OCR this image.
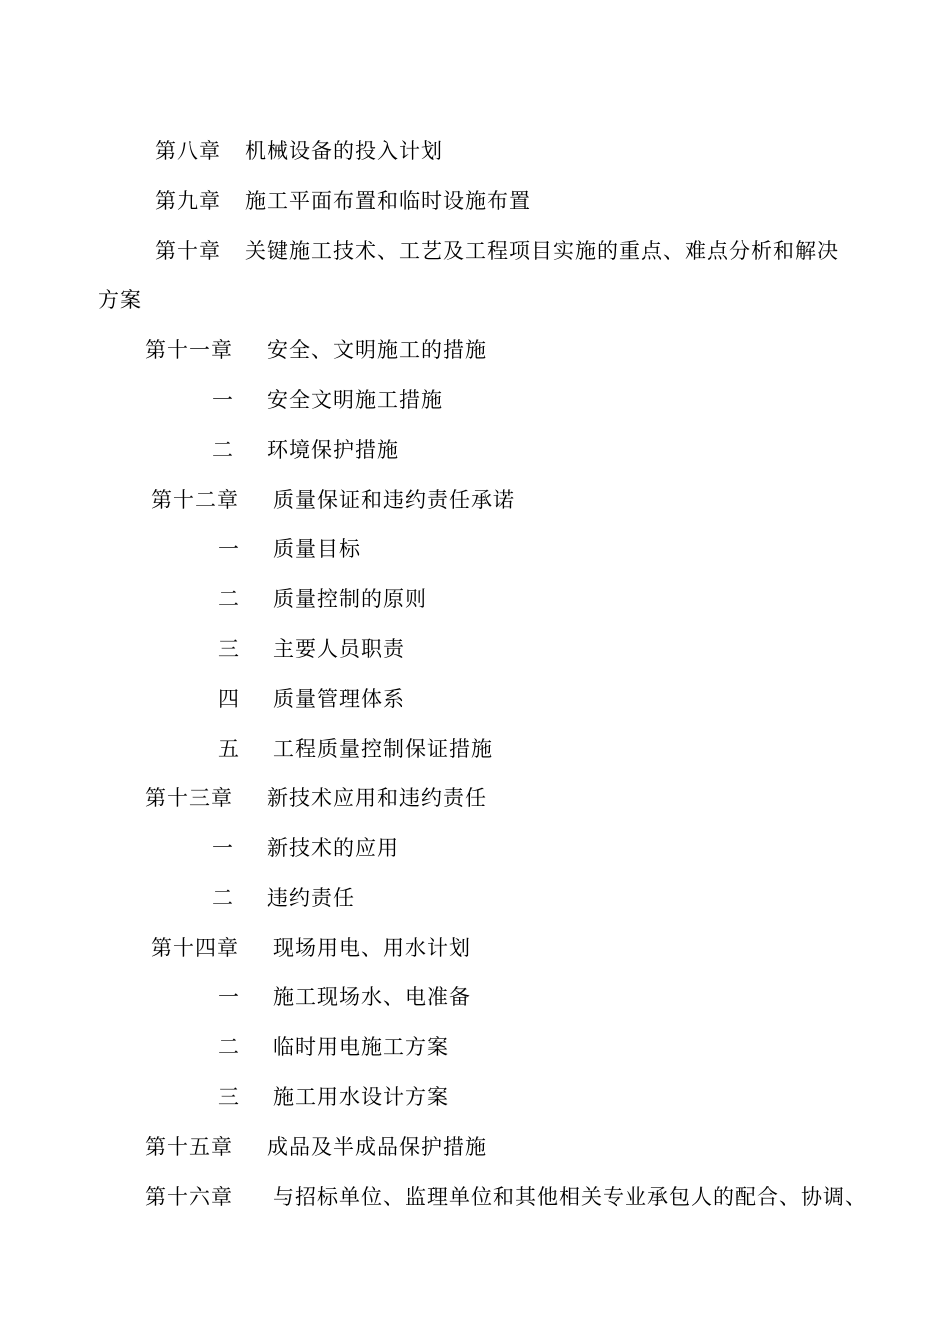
第八章 机械设备的投入计划
第九章 施工平面布置和临时设施布置
第十章 关键施工技术、工艺及工程项目实施的重点、难点分析和解决
方案
第十一章 安全、文明施工的措施
一 安全文明施工措施
二 环境保护措施
第十二章 质量保证和违约责任承诺
一 质量目标
二 质量控制的原则
三 主要人员职责
四 质量管理体系
五 工程质量控制保证措施
第十三章 新技术应用和违约责任
一 新技术的应用
二 违约责任
第十四章 现场用电、用水计划
一 施工现场水、电准备
二 临时用电施工方案
三 施工用水设计方案
第十五章 成品及半成品保护措施
第十六章 与招标单位、监理单位和其他相关专业承包人的配合、协调、
